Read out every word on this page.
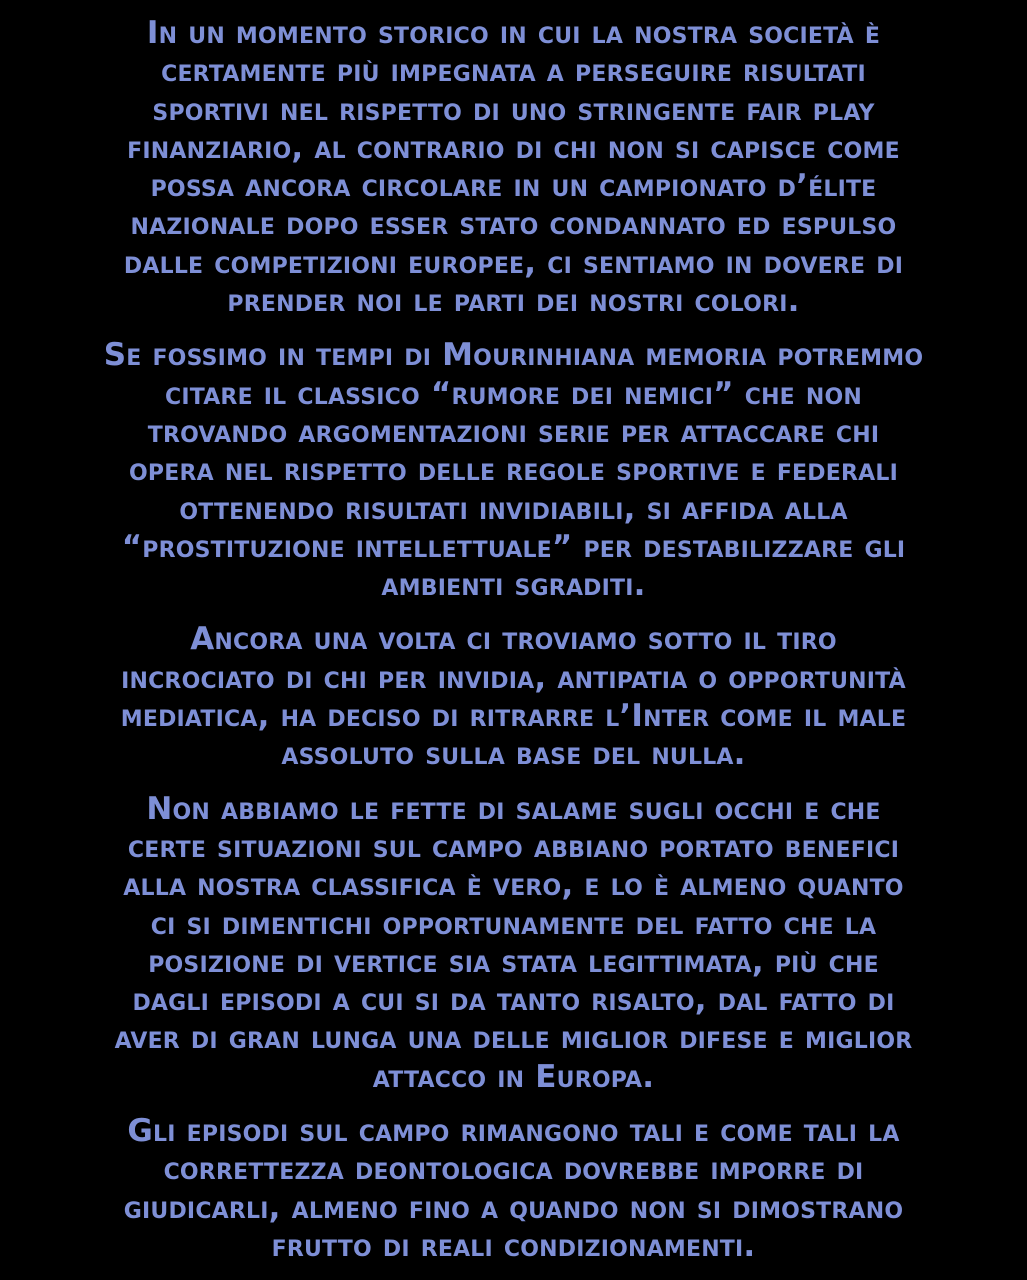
In un momento storico in cui la nostra società è
certamente più impegnata a perseguire risultati
sportivi nel rispetto di uno stringente fair play
finanziario, al contrario di chi non si capisce come
possa ancora circolare in un campionato d’élite
nazionale dopo esser stato condannato ed espulso
dalle competizioni europee, ci sentiamo in dovere di
prender noi le parti dei nostri colori.

Se fossimo in tempi di Mourinhiana memoria potremmo
citare il classico “rumore dei nemici” che non
trovando argomentazioni serie per attaccare chi
opera nel rispetto delle regole sportive e federali
ottenendo risultati invidiabili, si affida alla
“prostituzione intellettuale” per destabilizzare gli
ambienti sgraditi.

Ancora una volta ci troviamo sotto il tiro
incrociato di chi per invidia, antipatia o opportunità
mediatica, ha deciso di ritrarre l’Inter come il male
assoluto sulla base del nulla.

Non abbiamo le fette di salame sugli occhi e che
certe situazioni sul campo abbiano portato benefici
alla nostra classifica è vero, e lo è almeno quanto
ci si dimentichi opportunamente del fatto che la
posizione di vertice sia stata legittimata, più che
dagli episodi a cui si da tanto risalto, dal fatto di
aver di gran lunga una delle miglior difese e miglior
attacco in Europa.

Gli episodi sul campo rimangono tali e come tali la
correttezza deontologica dovrebbe imporre di
giudicarli, almeno fino a quando non si dimostrano
frutto di reali condizionamenti.
